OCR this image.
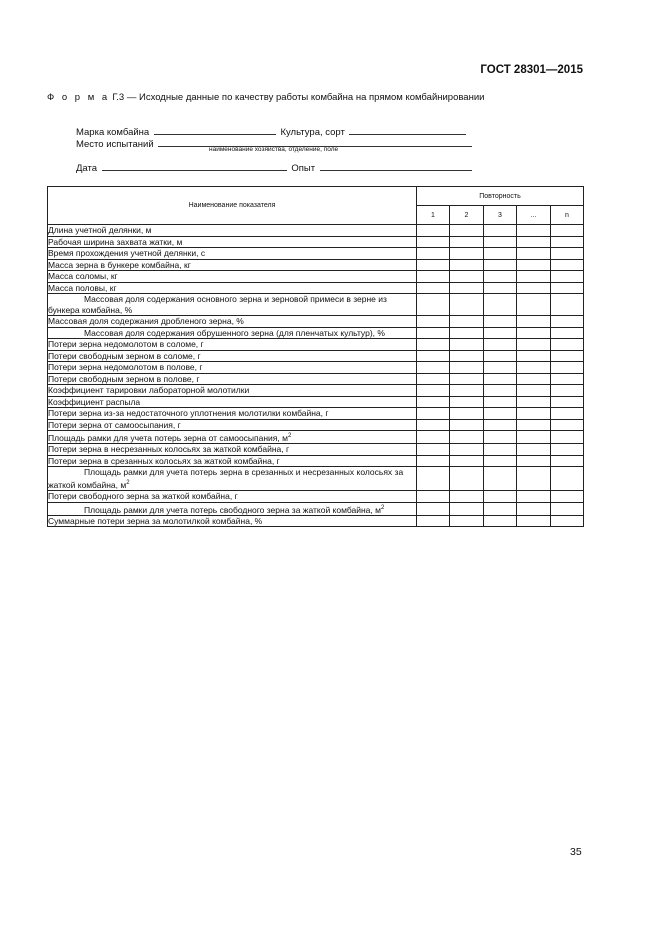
ГОСТ 28301—2015
Ф о р м а Г.3 — Исходные данные по качеству работы комбайна на прямом комбайнировании
Марка комбайна	Культура, сорт
Место испытаний	наименование хозяйства, отделение, поле
Дата	Опыт
Наименование показателя	Повторность				
	1	2	3	...	n
Длина учетной делянки, м					
Рабочая ширина захвата жатки, м					
Время прохождения учетной делянки, с					
Масса зерна в бункере комбайна, кг					
Масса соломы, кг					
Масса половы, кг					
Массовая доля содержания основного зерна и зерновой примеси в зерне из бункера комбайна, %					
Массовая доля содержания дробленого зерна, %					
Массовая доля содержания обрушенного зерна (для пленчатых культур), %					
Потери зерна недомолотом в соломе, г					
Потери свободным зерном в соломе, г					
Потери зерна недомолотом в полове, г					
Потери свободным зерном в полове, г					
Коэффициент тарировки лабораторной молотилки					
Коэффициент распыла					
Потери зерна из-за недостаточного уплотнения молотилки комбайна, г					
Потери зерна от самоосыпания, г					
Площадь рамки для учета потерь зерна от самоосыпания, $м^2$					
Потери зерна в несрезанных колосьях за жаткой комбайна, г					
Потери зерна в срезанных колосьях за жаткой комбайна, г					
Площадь рамки для учета потерь зерна в срезанных и несрезанных колосьях за жаткой комбайна, $м^2$					
Потери свободного зерна за жаткой комбайна, г					
Площадь рамки для учета потерь свободного зерна за жаткой комбайна, $м^2$					
Суммарные потери зерна за молотилкой комбайна, %					
35
